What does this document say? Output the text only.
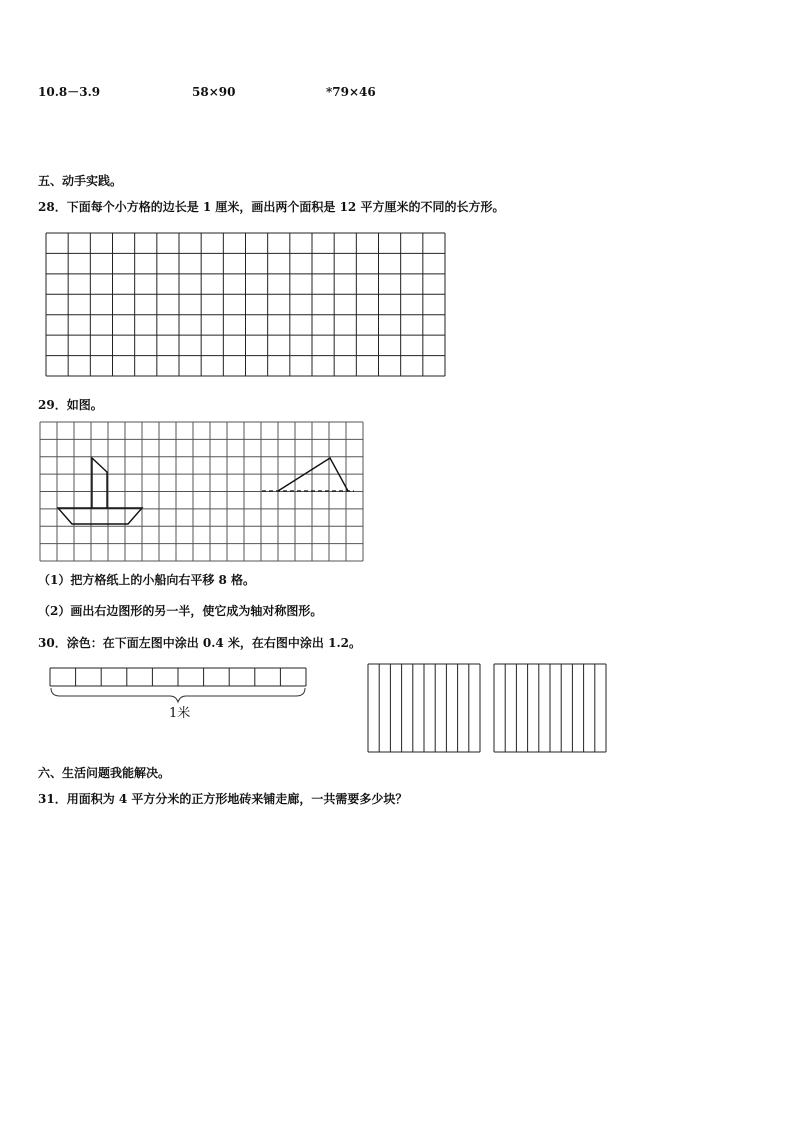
10.8－3.9	58×90	*79×46
五、动手实践。
28．下面每个小方格的边长是 1 厘米，画出两个面积是 12 平方厘米的不同的长方形。
29．如图。
（1）把方格纸上的小船向右平移 8 格。
（2）画出右边图形的另一半，使它成为轴对称图形。
30．涂色：在下面左图中涂出 0.4 米，在右图中涂出 1.2。
1米
六、生活问题我能解决。
31．用面积为 4 平方分米的正方形地砖来铺走廊，一共需要多少块？
